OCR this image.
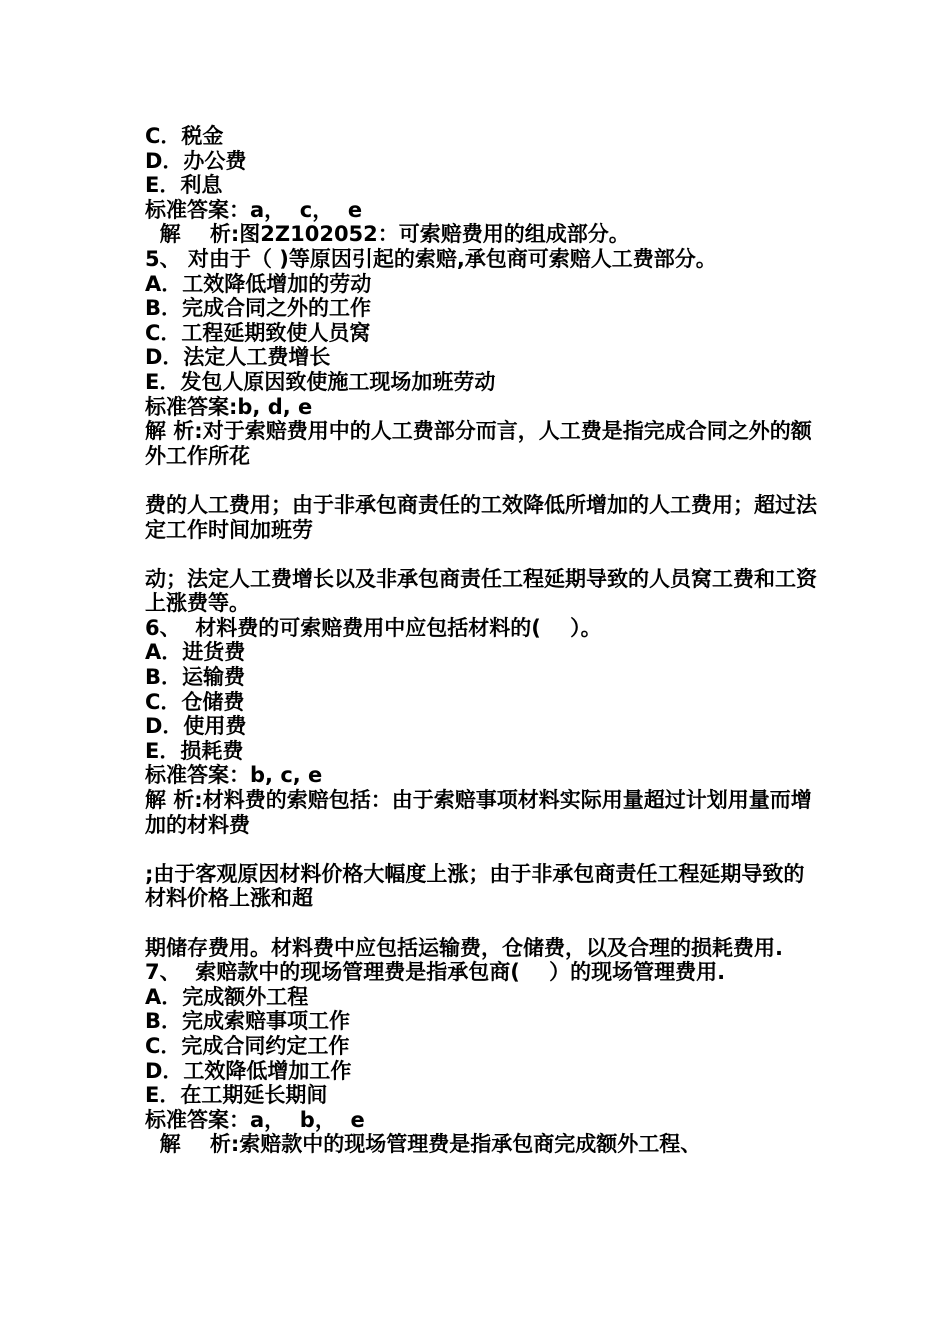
C．税金
D．办公费
E．利息
标准答案：a，  c，  e
解    析:图2Z102052：可索赔费用的组成部分。
5、 对由于（ )等原因引起的索赔,承包商可索赔人工费部分。
A．工效降低增加的劳动
B．完成合同之外的工作
C．工程延期致使人员窝
D．法定人工费增长
E．发包人原因致使施工现场加班劳动
标准答案:b, d, e
解 析:对于索赔费用中的人工费部分而言，人工费是指完成合同之外的额外工作所花
费的人工费用；由于非承包商责任的工效降低所增加的人工费用；超过法定工作时间加班劳
动；法定人工费增长以及非承包商责任工程延期导致的人员窝工费和工资上涨费等。
6、  材料费的可索赔费用中应包括材料的(    ）。
A．进货费
B．运输费
C．仓储费
D．使用费
E．损耗费
标准答案：b, c, e
解 析:材料费的索赔包括：由于索赔事项材料实际用量超过计划用量而增加的材料费
;由于客观原因材料价格大幅度上涨；由于非承包商责任工程延期导致的材料价格上涨和超
期储存费用。材料费中应包括运输费，仓储费，以及合理的损耗费用.
7、  索赔款中的现场管理费是指承包商(    ）的现场管理费用.
A．完成额外工程
B．完成索赔事项工作
C．完成合同约定工作
D．工效降低增加工作
E．在工期延长期间
标准答案：a，  b，  e
解    析:索赔款中的现场管理费是指承包商完成额外工程、
